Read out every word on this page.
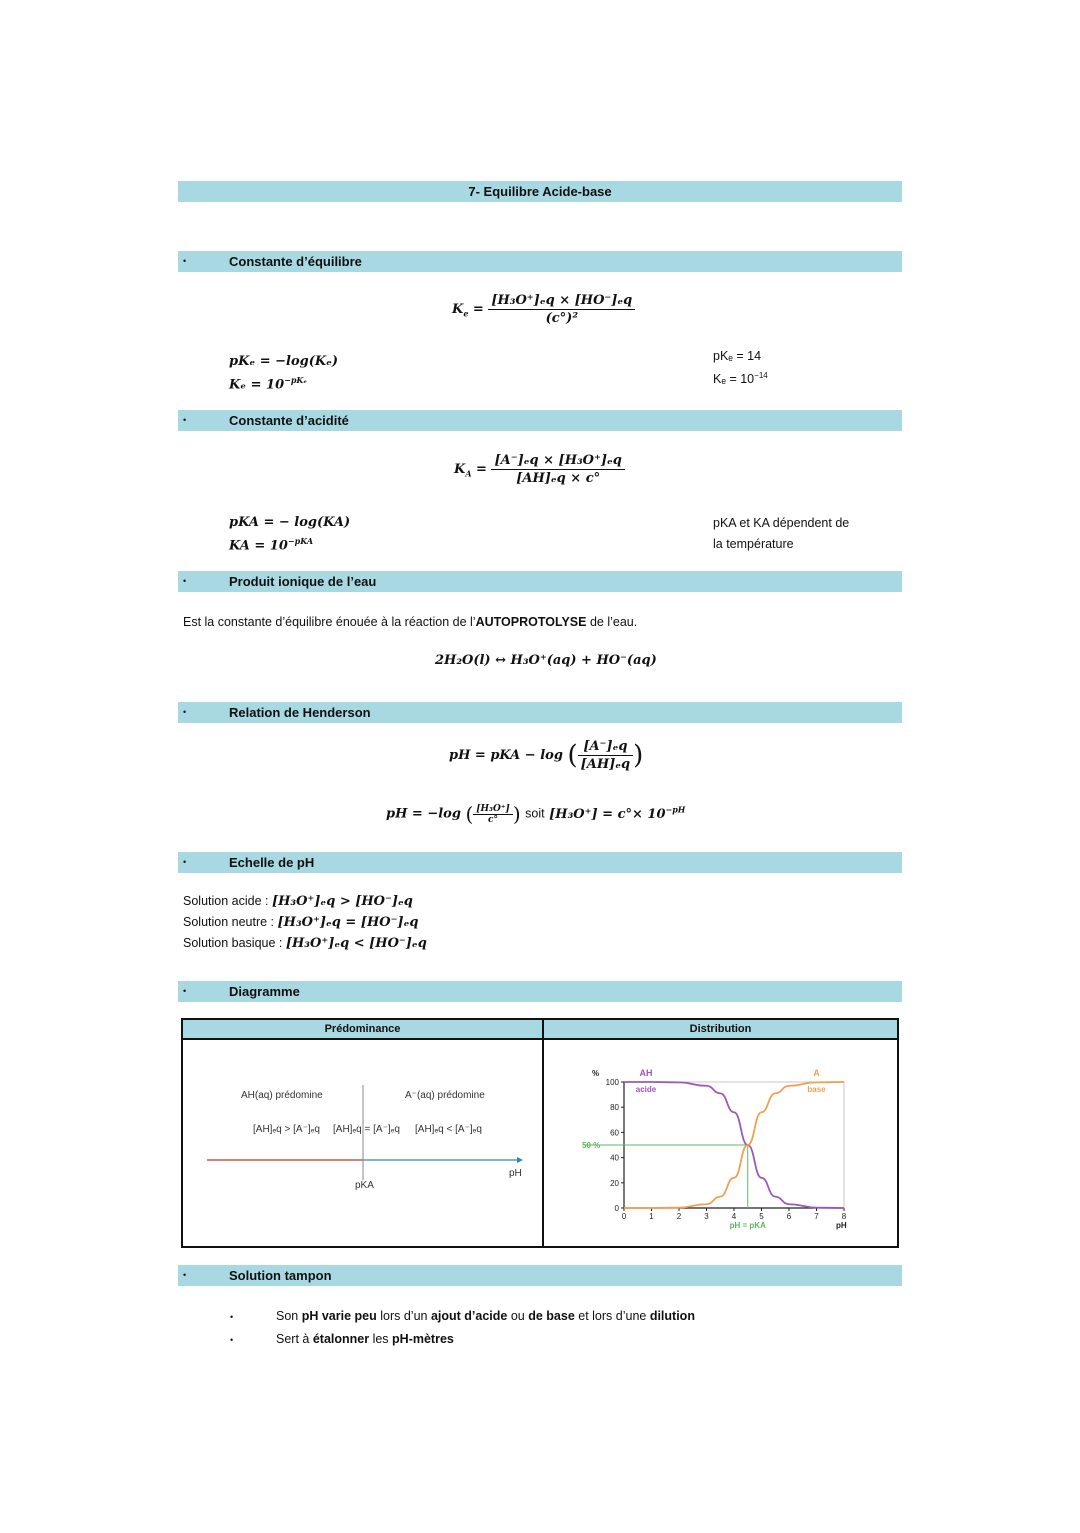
7- Equilibre Acide-base
•	Constante d’équilibre
$K_e = \frac{\text{[H₃O⁺]ₑq × [HO⁻]ₑq}}{\text{(c°)²}}$
pKₑ = −log(Kₑ)
$K_e = 10^{-pK_e}$
pKₑ = 14
$K_e = 10^{-14}$
•	Constante d’acidité
$K_A = \frac{\text{[A⁻]ₑq × [H₃O⁺]ₑq}}{\text{[AH]ₑq × c°}}$
pKA = − log(KA)
KA = $10^{-pKA}$
pKA et KA dépendent de
la température
•	Produit ionique de l’eau
Est la constante d’équilibre énouée à la réaction de l’AUTOPROTOLYSE de l’eau.
2H₂O(l) ↔ H₃O⁺(aq) + HO⁻(aq)
•	Relation de Henderson
pH = pKA − log ( $\frac{\text{[A⁻]ₑq}}{\text{[AH]ₑq}}$ )
pH = −log ( $\frac{\text{[H₃O⁺]}}{c^\circ}$ ) soit $[H_3O^+] = c^\circ\times 10^{-pH}$
•	Echelle de pH
Solution acide : [H₃O⁺]ₑq > [HO⁻]ₑq
Solution neutre : [H₃O⁺]ₑq = [HO⁻]ₑq
Solution basique : [H₃O⁺]ₑq < [HO⁻]ₑq
•	Diagramme
Prédominance
AH(aq) prédomine	A⁻(aq) prédomine
[AH]ₑq > [A⁻]ₑq [AH]ₑq = [A⁻]ₑq [AH]ₑq < [A⁻]ₑq
pH
pKA
Distribution
0	1	2	3	4	5	6	7	8
0
20
40
60
80
100
%
pH
50 %
pH = pKA
AH
acide
A
base
•	Solution tampon
•	Son pH varie peu lors d’un ajout d’acide ou de base et lors d’une dilution
•	Sert à étalonner les pH-mètres
